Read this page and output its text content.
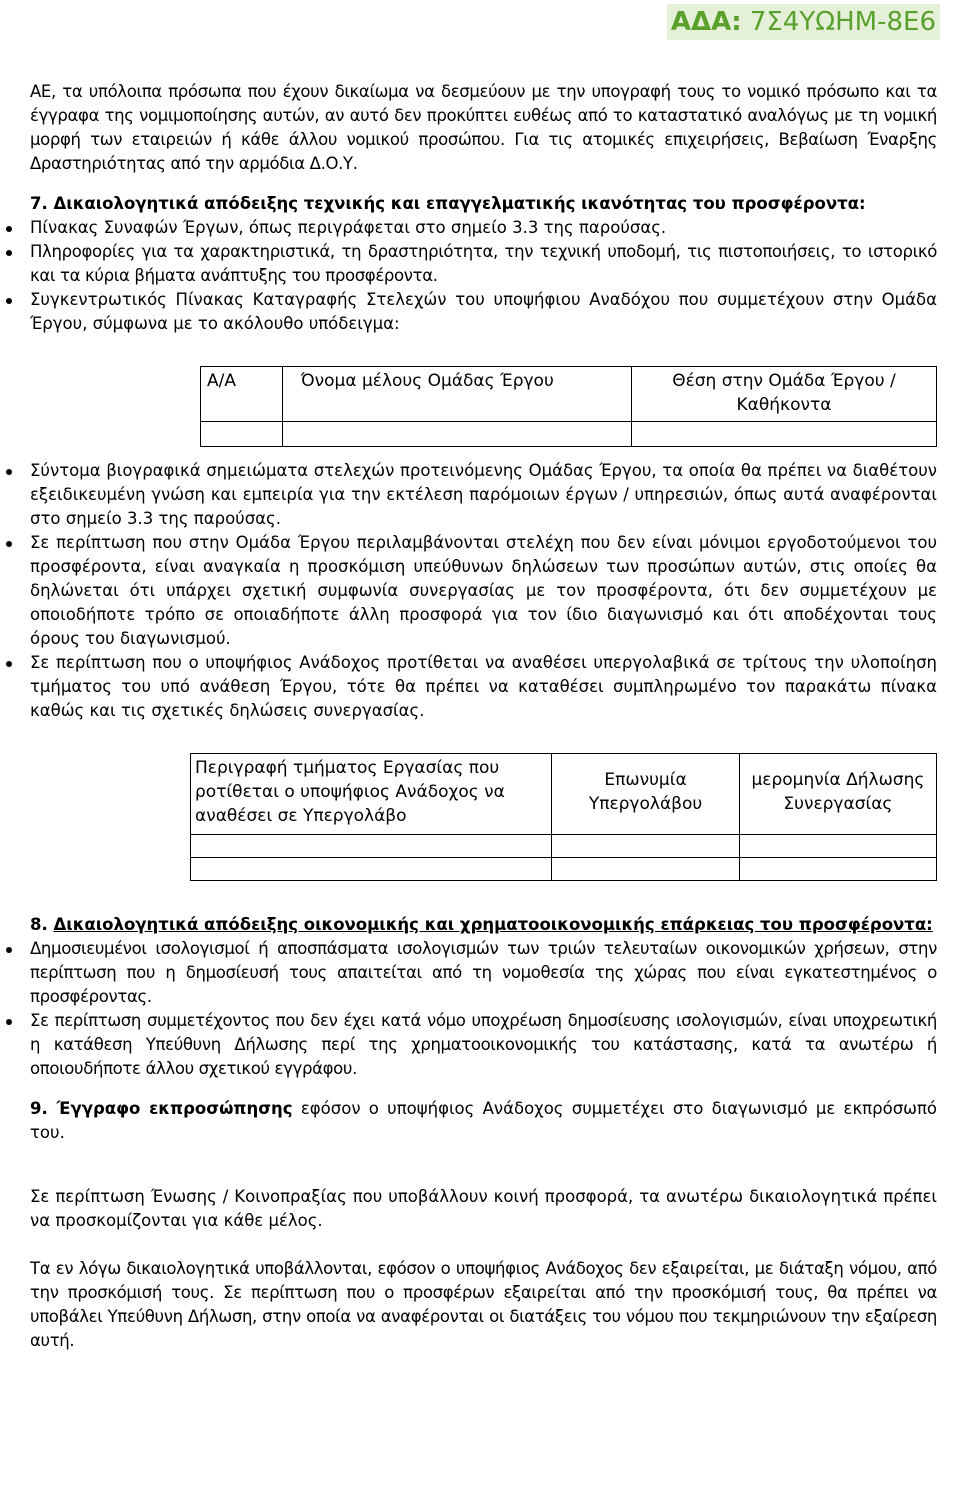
ΑΔΑ: 7Σ4ΥΩΗΜ-8Ε6

ΑΕ, τα υπόλοιπα πρόσωπα που έχουν δικαίωμα να δεσμεύουν με την υπογραφή τους το νομικό πρόσωπο και τα έγγραφα της νομιμοποίησης αυτών, αν αυτό δεν προκύπτει ευθέως από το καταστατικό αναλόγως με τη νομική μορφή των εταιρειών ή κάθε άλλου νομικού προσώπου. Για τις ατομικές επιχειρήσεις, Βεβαίωση Έναρξης Δραστηριότητας από την αρμόδια Δ.Ο.Υ.

7. Δικαιολογητικά απόδειξης τεχνικής και επαγγελματικής ικανότητας του προσφέροντα:

Πίνακας Συναφών Έργων, όπως περιγράφεται στο σημείο 3.3 της παρούσας.
Πληροφορίες για τα χαρακτηριστικά, τη δραστηριότητα, την τεχνική υποδομή, τις πιστοποιήσεις, το ιστορικό και τα κύρια βήματα ανάπτυξης του προσφέροντα.
Συγκεντρωτικός Πίνακας Καταγραφής Στελεχών του υποψήφιου Αναδόχου που συμμετέχουν στην Ομάδα Έργου, σύμφωνα με το ακόλουθο υπόδειγμα:
Α/Α	Όνομα μέλους Ομάδας Έργου	Θέση στην Ομάδα Έργου / Καθήκοντα

Σύντομα βιογραφικά σημειώματα στελεχών προτεινόμενης Ομάδας Έργου, τα οποία θα πρέπει να διαθέτουν εξειδικευμένη γνώση και εμπειρία για την εκτέλεση παρόμοιων έργων / υπηρεσιών, όπως αυτά αναφέρονται στο σημείο 3.3 της παρούσας.
Σε περίπτωση που στην Ομάδα Έργου περιλαμβάνονται στελέχη που δεν είναι μόνιμοι εργοδοτούμενοι του προσφέροντα, είναι αναγκαία η προσκόμιση υπεύθυνων δηλώσεων των προσώπων αυτών, στις οποίες θα δηλώνεται ότι υπάρχει σχετική συμφωνία συνεργασίας με τον προσφέροντα, ότι δεν συμμετέχουν με οποιοδήποτε τρόπο σε οποιαδήποτε άλλη προσφορά για τον ίδιο διαγωνισμό και ότι αποδέχονται τους όρους του διαγωνισμού.
Σε περίπτωση που ο υποψήφιος Ανάδοχος προτίθεται να αναθέσει υπεργολαβικά σε τρίτους την υλοποίηση τμήματος του υπό ανάθεση Έργου, τότε θα πρέπει να καταθέσει συμπληρωμένο τον παρακάτω πίνακα καθώς και τις σχετικές δηλώσεις συνεργασίας.
Περιγραφή τμήματος Εργασίας που ροτίθεται ο υποψήφιος Ανάδοχος να αναθέσει σε Υπεργολάβο	Επωνυμία Υπεργολάβου	μερομηνία Δήλωσης Συνεργασίας

8. Δικαιολογητικά απόδειξης οικονομικής και χρηματοοικονομικής επάρκειας του προσφέροντα:

Δημοσιευμένοι ισολογισμοί ή αποσπάσματα ισολογισμών των τριών τελευταίων οικονομικών χρήσεων, στην περίπτωση που η δημοσίευσή τους απαιτείται από τη νομοθεσία της χώρας που είναι εγκατεστημένος ο προσφέροντας.
Σε περίπτωση συμμετέχοντος που δεν έχει κατά νόμο υποχρέωση δημοσίευσης ισολογισμών, είναι υποχρεωτική η κατάθεση Υπεύθυνη Δήλωσης περί της χρηματοοικονομικής του κατάστασης, κατά τα ανωτέρω ή οποιουδήποτε άλλου σχετικού εγγράφου.

9. Έγγραφο εκπροσώπησης εφόσον ο υποψήφιος Ανάδοχος συμμετέχει στο διαγωνισμό με εκπρόσωπό του.

Σε περίπτωση Ένωσης / Κοινοπραξίας που υποβάλλουν κοινή προσφορά, τα ανωτέρω δικαιολογητικά πρέπει να προσκομίζονται για κάθε μέλος.

Τα εν λόγω δικαιολογητικά υποβάλλονται, εφόσον ο υποψήφιος Ανάδοχος δεν εξαιρείται, με διάταξη νόμου, από την προσκόμισή τους. Σε περίπτωση που ο προσφέρων εξαιρείται από την προσκόμισή τους, θα πρέπει να υποβάλει Υπεύθυνη Δήλωση, στην οποία να αναφέρονται οι διατάξεις του νόμου που τεκμηριώνουν την εξαίρεση αυτή.
